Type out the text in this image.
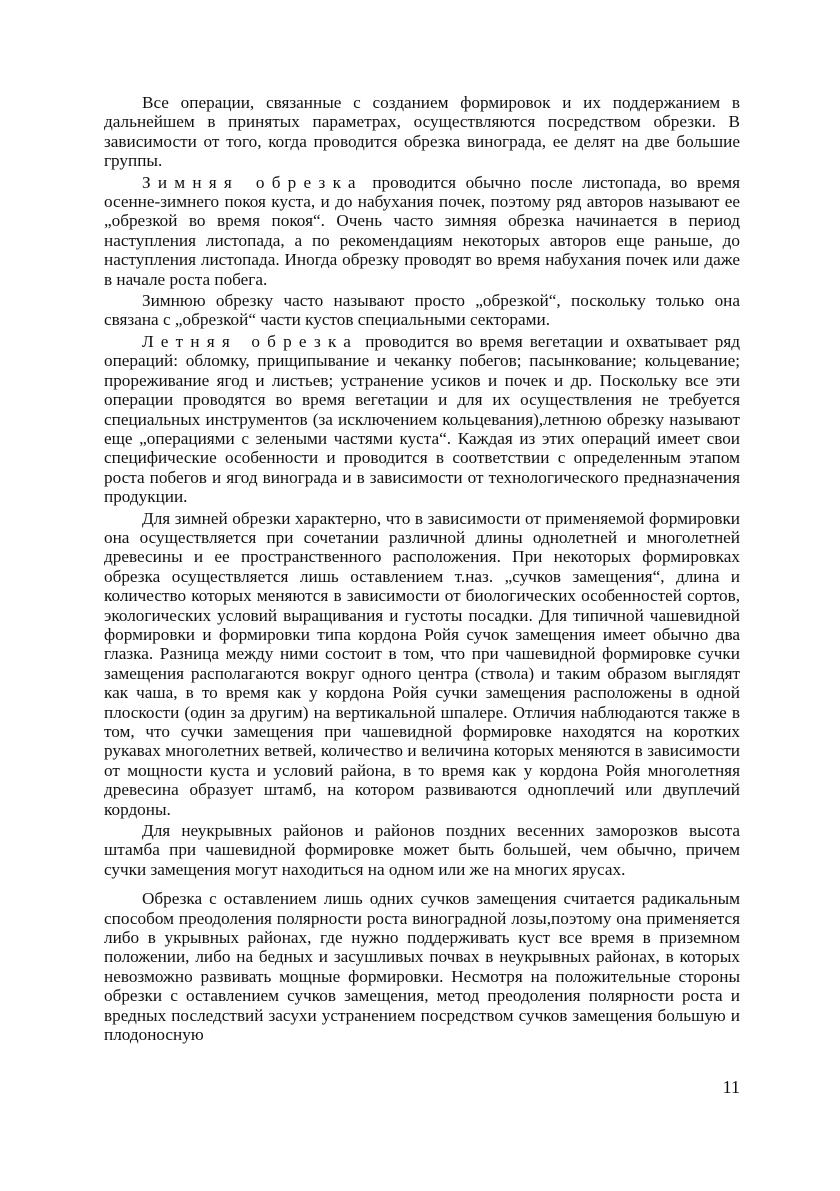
Все операции, связанные с созданием формировок и их поддержанием в дальнейшем в принятых параметрах, осуществляются посредством обрезки. В зависимости от того, когда проводится обрезка винограда, ее делят на две большие группы.

Зимняя обрезка проводится обычно после листопада, во время осенне-зимнего покоя куста, и до набухания почек, поэтому ряд авторов называют ее „обрезкой во время покоя“. Очень часто зимняя обрезка начинается в период наступления листопада, а по рекомендациям некоторых авторов еще раньше, до наступления листопада. Иногда обрезку проводят во время набухания почек или даже в начале роста побега.

Зимнюю обрезку часто называют просто „обрезкой“, поскольку только она связана с „обрезкой“ части кустов специальными секторами.

Летняя обрезка проводится во время вегетации и охватывает ряд операций: обломку, прищипывание и чеканку побегов; пасынкование; кольцевание; прореживание ягод и листьев; устранение усиков и почек и др. Поскольку все эти операции проводятся во время вегетации и для их осуществления не требуется специальных инструментов (за исключением кольцевания),летнюю обрезку называют еще „операциями с зелеными частями куста“. Каждая из этих операций имеет свои специфические особенности и проводится в соответствии с определенным этапом роста побегов и ягод винограда и в зависимости от технологического предназначения продукции.

Для зимней обрезки характерно, что в зависимости от применяемой формировки она осуществляется при сочетании различной длины однолетней и многолетней древесины и ее пространственного расположения. При некоторых формировках обрезка осуществляется лишь оставлением т.наз. „сучков замещения“, длина и количество которых меняются в зависимости от биологических особенностей сортов, экологических условий выращивания и густоты посадки. Для типичной чашевидной формировки и формировки типа кордона Ройя сучок замещения имеет обычно два глазка. Разница между ними состоит в том, что при чашевидной формировке сучки замещения располагаются вокруг одного центра (ствола) и таким образом выглядят как чаша, в то время как у кордона Ройя сучки замещения расположены в одной плоскости (один за другим) на вертикальной шпалере. Отличия наблюдаются также в том, что сучки замещения при чашевидной формировке находятся на коротких рукавах многолетних ветвей, количество и величина которых меняются в зависимости от мощности куста и условий района, в то время как у кордона Ройя многолетняя древесина образует штамб, на котором развиваются одноплечий или двуплечий кордоны.

Для неукрывных районов и районов поздних весенних заморозков высота штамба при чашевидной формировке может быть большей, чем обычно, причем сучки замещения могут находиться на одном или же на многих ярусах.

Обрезка с оставлением лишь одних сучков замещения считается радикальным способом преодоления полярности роста виноградной лозы,поэтому она применяется либо в укрывных районах, где нужно поддерживать куст все время в приземном положении, либо на бедных и засушливых почвах в неукрывных районах, в которых невозможно развивать мощные формировки. Несмотря на положительные стороны обрезки с оставлением сучков замещения, метод преодоления полярности роста и вредных последствий засухи устранением посредством сучков замещения большую и плодоносную

11
